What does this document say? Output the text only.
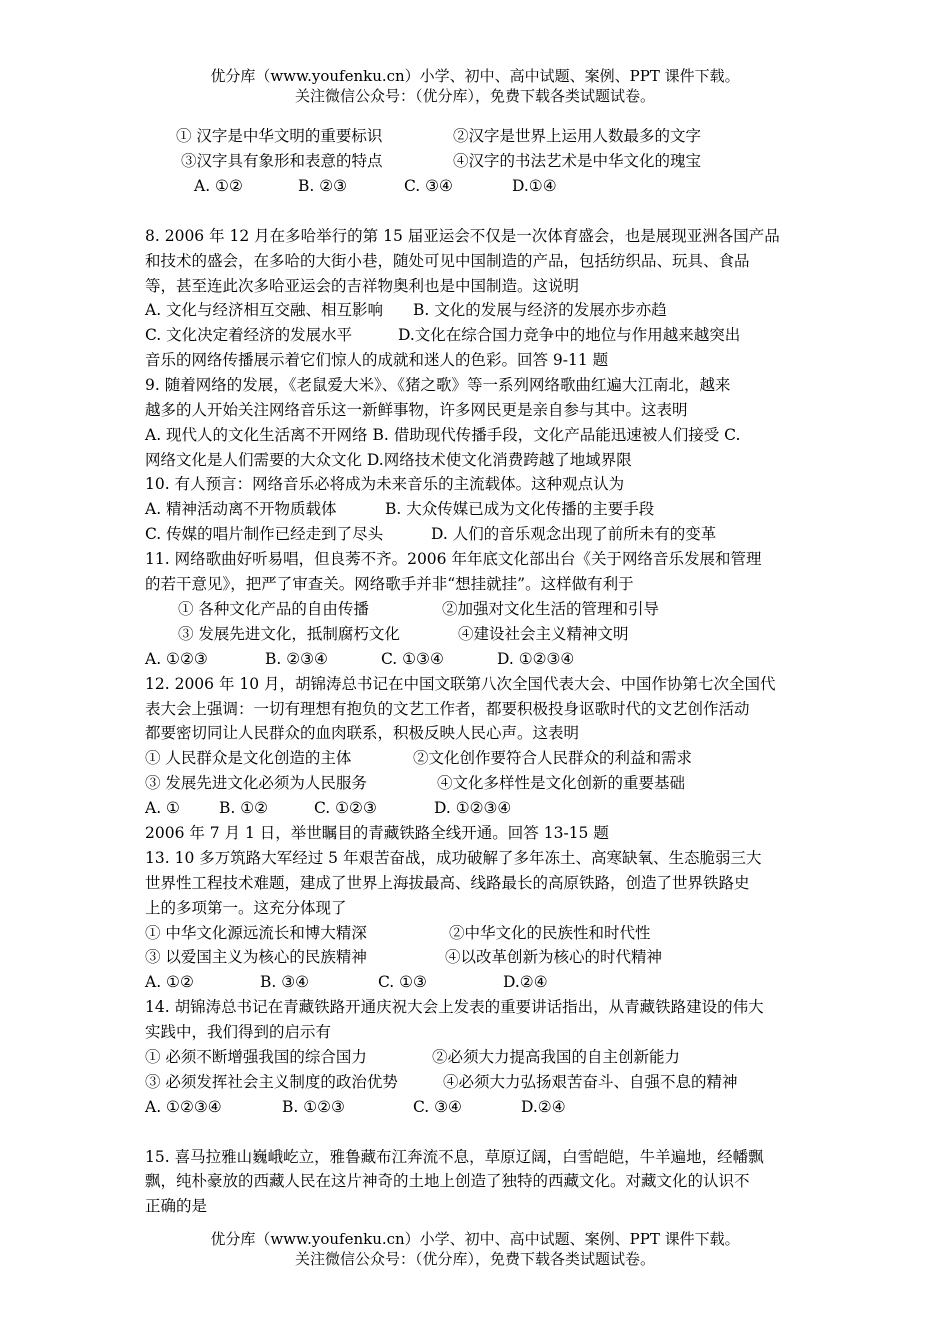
优分库（www.youfenku.cn）小学、初中、高中试题、案例、PPT 课件下载。
关注微信公众号：（优分库），免费下载各类试题试卷。
① 汉字是中华文明的重要标识	②汉字是世界上运用人数最多的文字
③汉字具有象形和表意的特点	④汉字的书法艺术是中华文化的瑰宝
A. ①②	B. ②③	C. ③④	D.①④
8. 2006 年 12 月在多哈举行的第 15 届亚运会不仅是一次体育盛会，也是展现亚洲各国产品
和技术的盛会，在多哈的大街小巷，随处可见中国制造的产品，包括纺织品、玩具、食品
等，甚至连此次多哈亚运会的吉祥物奥利也是中国制造。这说明
A. 文化与经济相互交融、相互影响 B. 文化的发展与经济的发展亦步亦趋
C. 文化决定着经济的发展水平	D.文化在综合国力竞争中的地位与作用越来越突出
音乐的网络传播展示着它们惊人的成就和迷人的色彩。回答 9-11 题
9. 随着网络的发展，《老鼠爱大米》、《猪之歌》等一系列网络歌曲红遍大江南北，越来
越多的人开始关注网络音乐这一新鲜事物，许多网民更是亲自参与其中。这表明
A. 现代人的文化生活离不开网络 B. 借助现代传播手段，文化产品能迅速被人们接受 C.
网络文化是人们需要的大众文化 D.网络技术使文化消费跨越了地域界限
10. 有人预言：网络音乐必将成为未来音乐的主流载体。这种观点认为
A. 精神活动离不开物质载体	B. 大众传媒已成为文化传播的主要手段
C. 传媒的唱片制作已经走到了尽头	D. 人们的音乐观念出现了前所未有的变革
11. 网络歌曲好听易唱，但良莠不齐。2006 年年底文化部出台《关于网络音乐发展和管理
的若干意见》，把严了审查关。网络歌手并非“想挂就挂”。这样做有利于
① 各种文化产品的自由传播	②加强对文化生活的管理和引导
③ 发展先进文化，抵制腐朽文化	④建设社会主义精神文明
A. ①②③	B. ②③④	C. ①③④	D. ①②③④
12. 2006 年 10 月，胡锦涛总书记在中国文联第八次全国代表大会、中国作协第七次全国代
表大会上强调：一切有理想有抱负的文艺工作者，都要积极投身讴歌时代的文艺创作活动
都要密切同让人民群众的血肉联系，积极反映人民心声。这表明
① 人民群众是文化创造的主体	②文化创作要符合人民群众的利益和需求
③ 发展先进文化必须为人民服务	④文化多样性是文化创新的重要基础
A. ①	B. ①②	C. ①②③	D. ①②③④
2006 年 7 月 1 日，举世瞩目的青藏铁路全线开通。回答 13-15 题
13. 10 多万筑路大军经过 5 年艰苦奋战，成功破解了多年冻土、高寒缺氧、生态脆弱三大
世界性工程技术难题，建成了世界上海拔最高、线路最长的高原铁路，创造了世界铁路史
上的多项第一。这充分体现了
① 中华文化源远流长和博大精深	②中华文化的民族性和时代性
③ 以爱国主义为核心的民族精神	④以改革创新为核心的时代精神
A. ①②	B. ③④	C. ①③	D.②④
14. 胡锦涛总书记在青藏铁路开通庆祝大会上发表的重要讲话指出，从青藏铁路建设的伟大
实践中，我们得到的启示有
① 必须不断增强我国的综合国力	②必须大力提高我国的自主创新能力
③ 必须发挥社会主义制度的政治优势	④必须大力弘扬艰苦奋斗、自强不息的精神
A. ①②③④	B. ①②③	C. ③④	D.②④
15. 喜马拉雅山巍峨屹立，雅鲁藏布江奔流不息，草原辽阔，白雪皑皑，牛羊遍地，经幡飘
飘，纯朴豪放的西藏人民在这片神奇的土地上创造了独特的西藏文化。对藏文化的认识不
正确的是
优分库（www.youfenku.cn）小学、初中、高中试题、案例、PPT 课件下载。
关注微信公众号：（优分库），免费下载各类试题试卷。
